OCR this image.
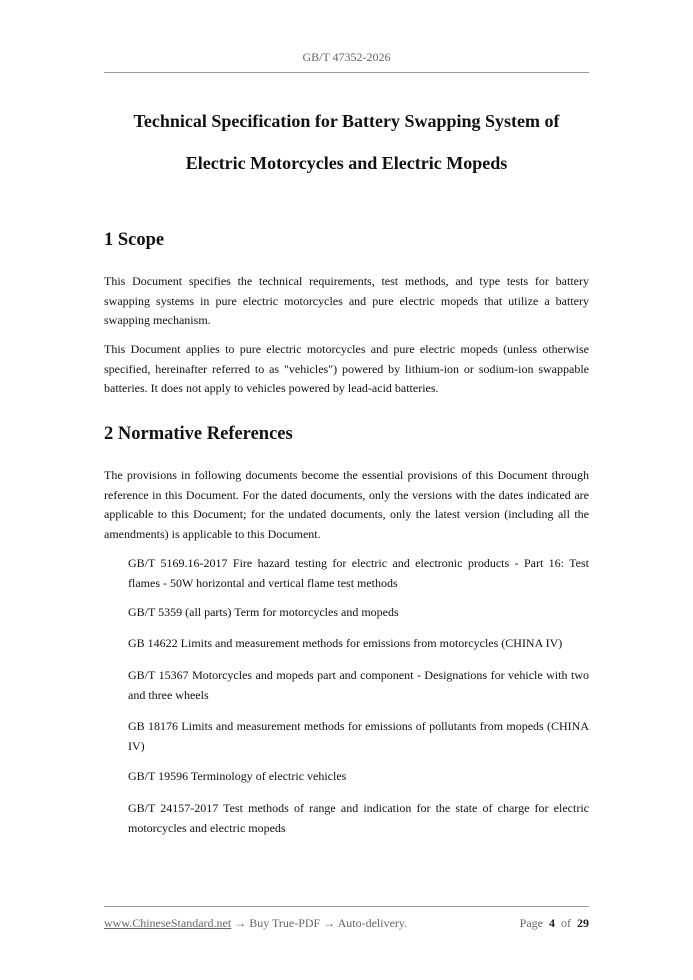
GB/T 47352-2026
Technical Specification for Battery Swapping System of
Electric Motorcycles and Electric Mopeds
1 Scope
This Document specifies the technical requirements, test methods, and type tests for battery swapping systems in pure electric motorcycles and pure electric mopeds that utilize a battery swapping mechanism.
This Document applies to pure electric motorcycles and pure electric mopeds (unless otherwise specified, hereinafter referred to as "vehicles") powered by lithium-ion or sodium-ion swappable batteries. It does not apply to vehicles powered by lead-acid batteries.
2 Normative References
The provisions in following documents become the essential provisions of this Document through reference in this Document. For the dated documents, only the versions with the dates indicated are applicable to this Document; for the undated documents, only the latest version (including all the amendments) is applicable to this Document.
GB/T 5169.16-2017 Fire hazard testing for electric and electronic products - Part 16: Test flames - 50W horizontal and vertical flame test methods
GB/T 5359 (all parts) Term for motorcycles and mopeds
GB 14622 Limits and measurement methods for emissions from motorcycles (CHINA IV)
GB/T 15367 Motorcycles and mopeds part and component - Designations for vehicle with two and three wheels
GB 18176 Limits and measurement methods for emissions of pollutants from mopeds (CHINA IV)
GB/T 19596 Terminology of electric vehicles
GB/T 24157-2017 Test methods of range and indication for the state of charge for electric motorcycles and electric mopeds
www.ChineseStandard.net → Buy True-PDF → Auto-delivery.	Page 4 of 29
